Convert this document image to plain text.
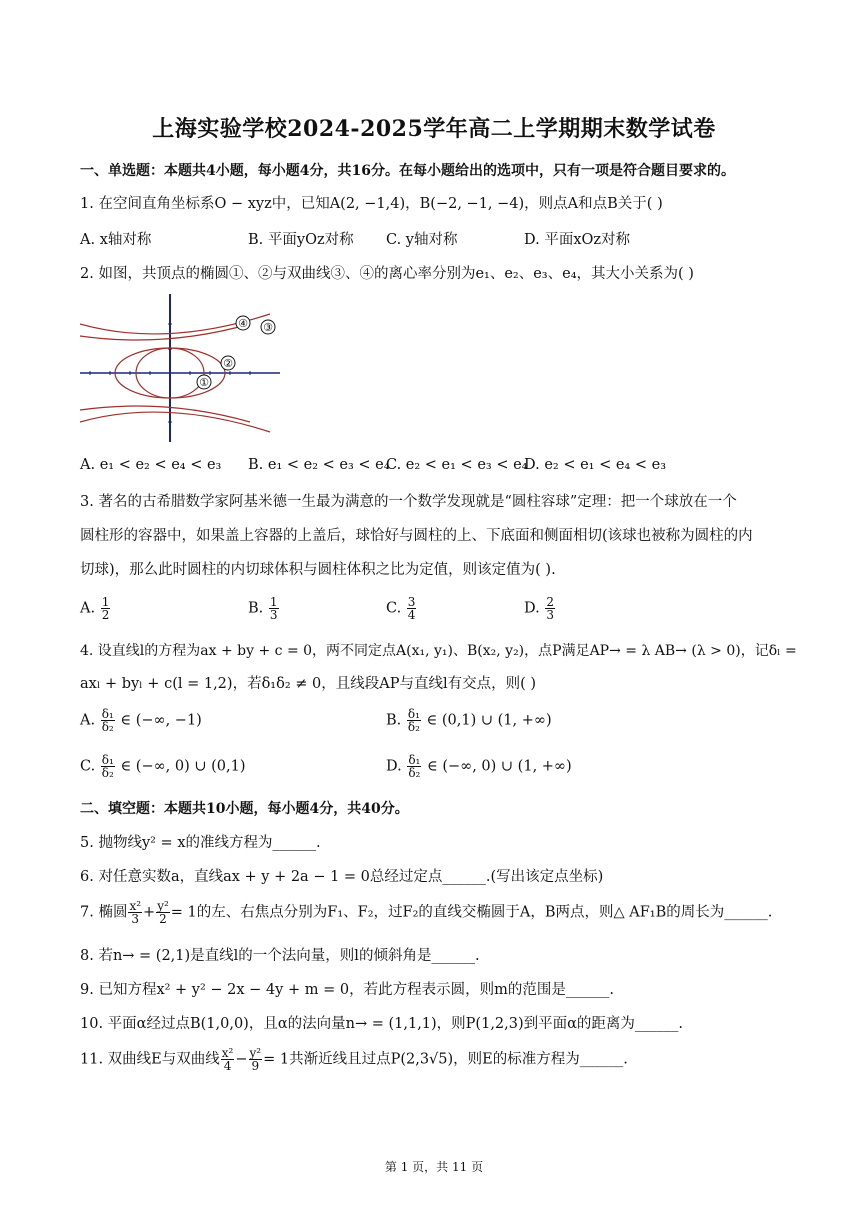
上海实验学校2024-2025学年高二上学期期末数学试卷
一、单选题：本题共4小题，每小题4分，共16分。在每小题给出的选项中，只有一项是符合题目要求的。
1. 在空间直角坐标系O − xyz中，已知A(2, −1,4)，B(−2, −1, −4)，则点A和点B关于( )
A. x轴对称	B. 平面yOz对称 C. y轴对称	D. 平面xOz对称
2. 如图，共顶点的椭圆①、②与双曲线③、④的离心率分别为e₁、e₂、e₃、e₄，其大小关系为( )
④ ③
②
①
A. e₁ < e₂ < e₄ < e₃ B. e₁ < e₂ < e₃ < e₄
C. e₂ < e₁ < e₃ < e₄
D. e₂ < e₁ < e₄ < e₃
3. 著名的古希腊数学家阿基米德一生最为满意的一个数学发现就是“圆柱容球”定理：把一个球放在一个
圆柱形的容器中，如果盖上容器的上盖后，球恰好与圆柱的上、下底面和侧面相切(该球也被称为圆柱的内
切球)，那么此时圆柱的内切球体积与圆柱体积之比为定值，则该定值为( ).
A. $\frac{1}{2}$	B. $\frac{1}{3}$	C. $\frac{3}{4}$	D. $\frac{2}{3}$
4. 设直线l的方程为ax + by + c = 0，两不同定点A(x₁, y₁)、B(x₂, y₂)，点P满足AP→ = λ AB→ (λ > 0)，记δₗ =
axₗ + byₗ + c(l = 1,2)，若δ₁δ₂ ≠ 0，且线段AP与直线l有交点，则( )
A. $\frac{\text{δ₁}}{\text{δ₂}}$ ∈ (−∞, −1)	B. $\frac{\text{δ₁}}{\text{δ₂}}$ ∈ (0,1) ∪ (1, +∞)
C. $\frac{\text{δ₁}}{\text{δ₂}}$ ∈ (−∞, 0) ∪ (0,1)	D. $\frac{\text{δ₁}}{\text{δ₂}}$ ∈ (−∞, 0) ∪ (1, +∞)
二、填空题：本题共10小题，每小题4分，共40分。
5. 抛物线y² = x的准线方程为______.
6. 对任意实数a，直线ax + y + 2a − 1 = 0总经过定点______.(写出该定点坐标)
7. 椭圆 $\frac{\text{x²}}{3} + \frac{\text{y²}}{2} = 1$的左、右焦点分别为F₁、F₂，过F₂的直线交椭圆于A，B两点，则△ AF₁B的周长为______.
8. 若n→ = (2,1)是直线l的一个法向量，则l的倾斜角是______.
9. 已知方程x² + y² − 2x − 4y + m = 0，若此方程表示圆，则m的范围是______.
10. 平面α经过点B(1,0,0)，且α的法向量n→ = (1,1,1)，则P(1,2,3)到平面α的距离为______.
11. 双曲线E与双曲线 $\frac{\text{x²}}{4} - \frac{\text{y²}}{9} = 1$共渐近线且过点P(2,3√5)，则E的标准方程为______.
第 1 页，共 11 页
